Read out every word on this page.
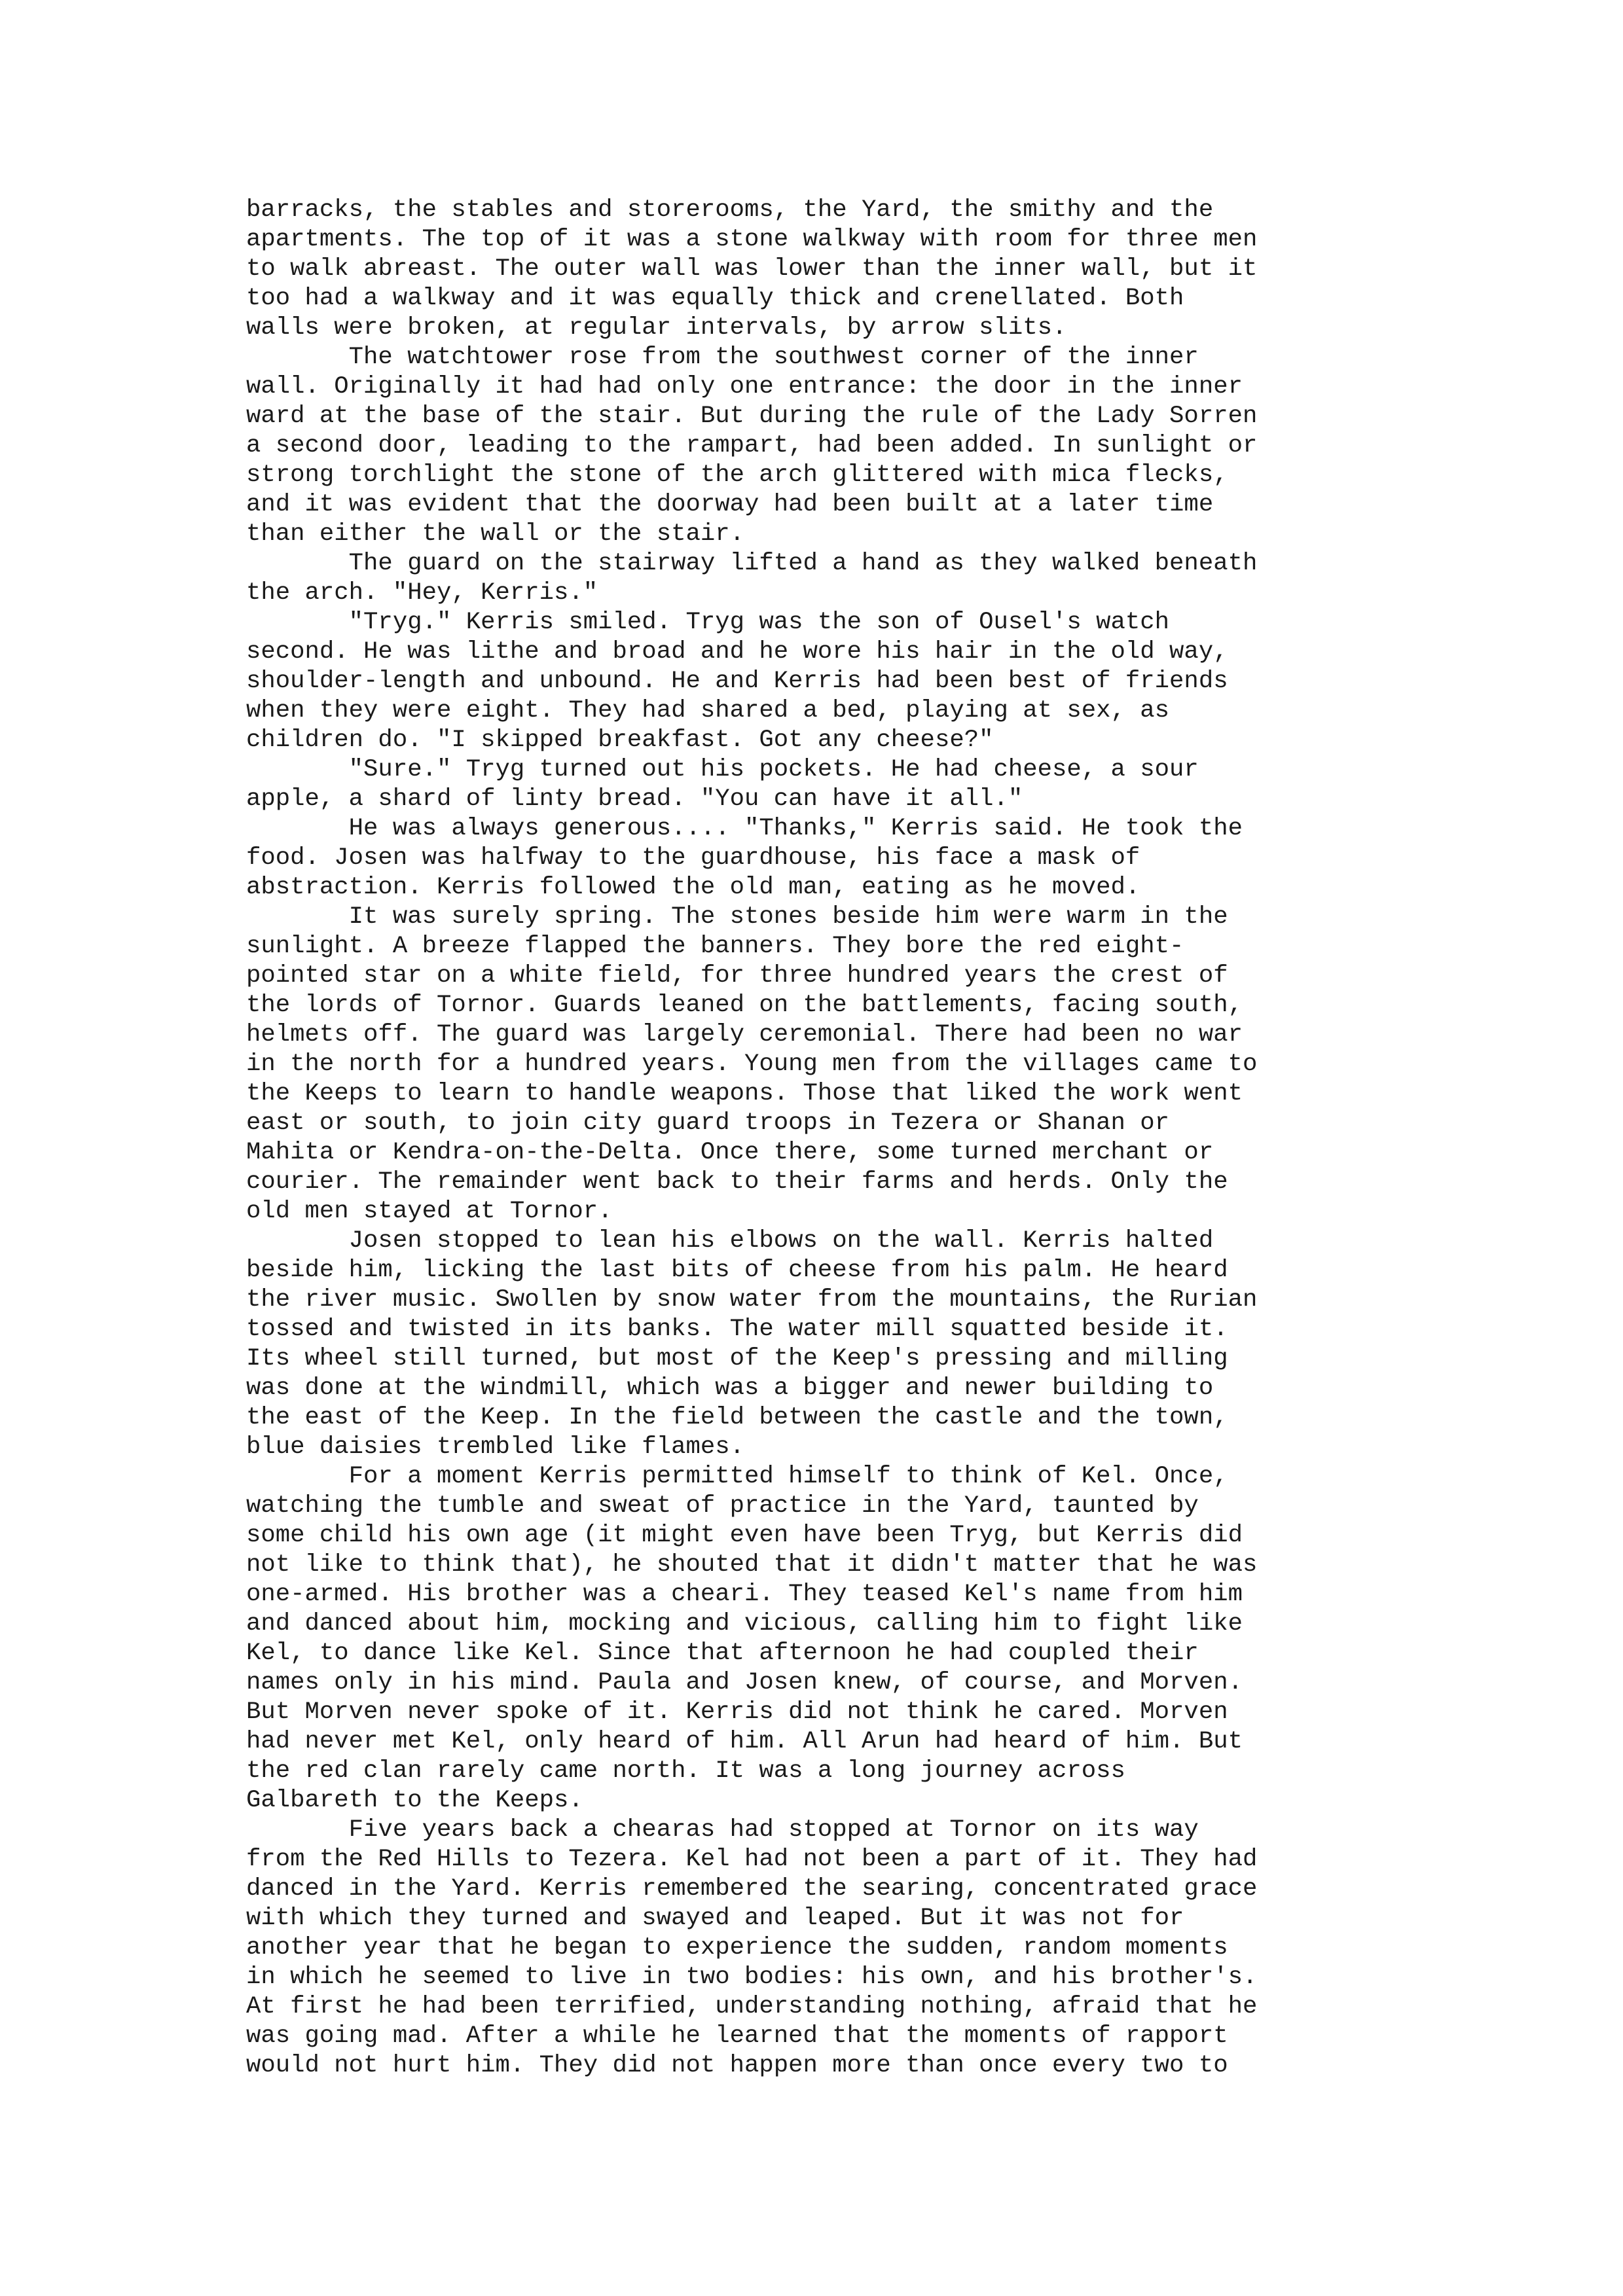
barracks, the stables and storerooms, the Yard, the smithy and the
apartments. The top of it was a stone walkway with room for three men
to walk abreast. The outer wall was lower than the inner wall, but it
too had a walkway and it was equally thick and crenellated. Both
walls were broken, at regular intervals, by arrow slits.
The watchtower rose from the southwest corner of the inner
wall. Originally it had had only one entrance: the door in the inner
ward at the base of the stair. But during the rule of the Lady Sorren
a second door, leading to the rampart, had been added. In sunlight or
strong torchlight the stone of the arch glittered with mica flecks,
and it was evident that the doorway had been built at a later time
than either the wall or the stair.
The guard on the stairway lifted a hand as they walked beneath
the arch. "Hey, Kerris."
"Tryg." Kerris smiled. Tryg was the son of Ousel's watch
second. He was lithe and broad and he wore his hair in the old way,
shoulder-length and unbound. He and Kerris had been best of friends
when they were eight. They had shared a bed, playing at sex, as
children do. "I skipped breakfast. Got any cheese?"
"Sure." Tryg turned out his pockets. He had cheese, a sour
apple, a shard of linty bread. "You can have it all."
He was always generous.... "Thanks," Kerris said. He took the
food. Josen was halfway to the guardhouse, his face a mask of
abstraction. Kerris followed the old man, eating as he moved.
It was surely spring. The stones beside him were warm in the
sunlight. A breeze flapped the banners. They bore the red eight-
pointed star on a white field, for three hundred years the crest of
the lords of Tornor. Guards leaned on the battlements, facing south,
helmets off. The guard was largely ceremonial. There had been no war
in the north for a hundred years. Young men from the villages came to
the Keeps to learn to handle weapons. Those that liked the work went
east or south, to join city guard troops in Tezera or Shanan or
Mahita or Kendra-on-the-Delta. Once there, some turned merchant or
courier. The remainder went back to their farms and herds. Only the
old men stayed at Tornor.
Josen stopped to lean his elbows on the wall. Kerris halted
beside him, licking the last bits of cheese from his palm. He heard
the river music. Swollen by snow water from the mountains, the Rurian
tossed and twisted in its banks. The water mill squatted beside it.
Its wheel still turned, but most of the Keep's pressing and milling
was done at the windmill, which was a bigger and newer building to
the east of the Keep. In the field between the castle and the town,
blue daisies trembled like flames.
For a moment Kerris permitted himself to think of Kel. Once,
watching the tumble and sweat of practice in the Yard, taunted by
some child his own age (it might even have been Tryg, but Kerris did
not like to think that), he shouted that it didn't matter that he was
one-armed. His brother was a cheari. They teased Kel's name from him
and danced about him, mocking and vicious, calling him to fight like
Kel, to dance like Kel. Since that afternoon he had coupled their
names only in his mind. Paula and Josen knew, of course, and Morven.
But Morven never spoke of it. Kerris did not think he cared. Morven
had never met Kel, only heard of him. All Arun had heard of him. But
the red clan rarely came north. It was a long journey across
Galbareth to the Keeps.
Five years back a chearas had stopped at Tornor on its way
from the Red Hills to Tezera. Kel had not been a part of it. They had
danced in the Yard. Kerris remembered the searing, concentrated grace
with which they turned and swayed and leaped. But it was not for
another year that he began to experience the sudden, random moments
in which he seemed to live in two bodies: his own, and his brother's.
At first he had been terrified, understanding nothing, afraid that he
was going mad. After a while he learned that the moments of rapport
would not hurt him. They did not happen more than once every two to
